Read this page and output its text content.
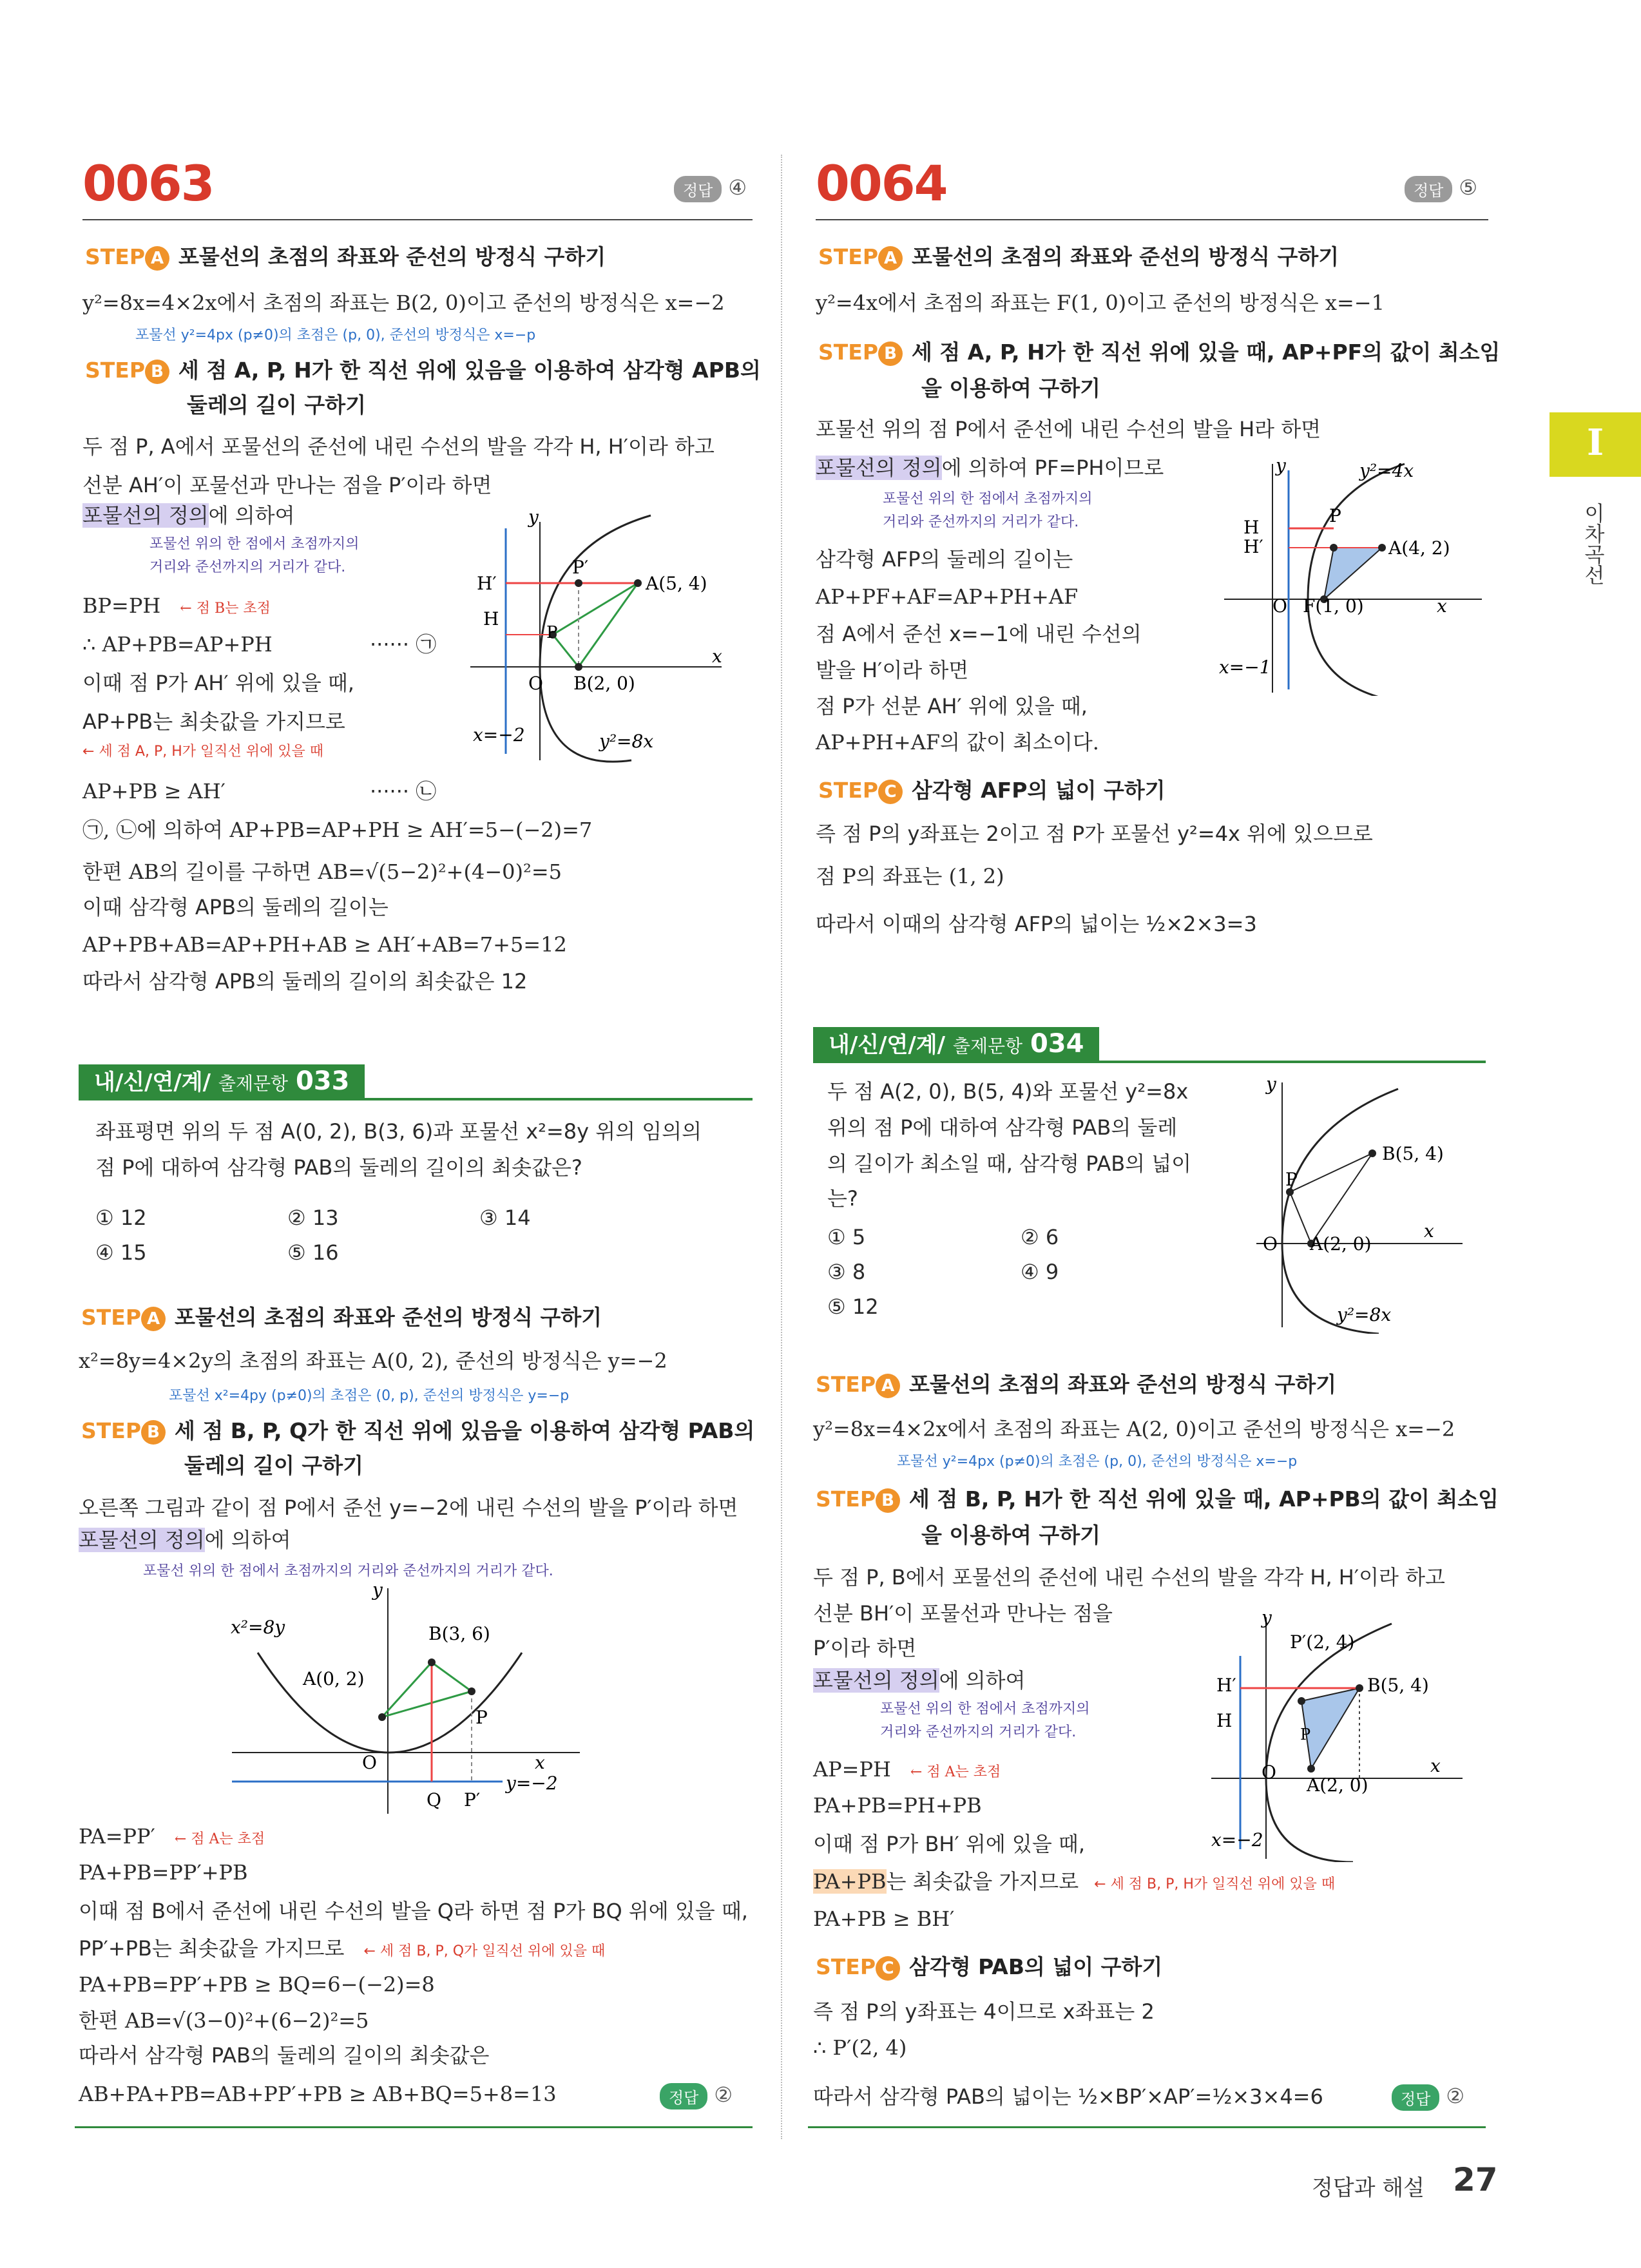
I
이차곡선
0063	정답 ④
STEP A 포물선의 초점의 좌표와 준선의 방정식 구하기
y²=8x=4×2x에서 초점의 좌표는 B(2, 0)이고 준선의 방정식은 x=−2
포물선 y²=4px (p≠0)의 초점은 (p, 0), 준선의 방정식은 x=−p
STEP B 세 점 A, P, H가 한 직선 위에 있음을 이용하여 삼각형 APB의
둘레의 길이 구하기
두 점 P, A에서 포물선의 준선에 내린 수선의 발을 각각 H, H′이라 하고
선분 AH′이 포물선과 만나는 점을 P′이라 하면
포물선의 정의에 의하여
포물선 위의 한 점에서 초점까지의
거리와 준선까지의 거리가 같다.
BP=PH ← 점 B는 초점
∴ AP+PB=AP+PH	······ ㉠
이때 점 P가 AH′ 위에 있을 때,
AP+PB는 최솟값을 가지므로
← 세 점 A, P, H가 일직선 위에 있을 때
AP+PB ≥ AH′	······ ㉡
㉠, ㉡에 의하여 AP+PB=AP+PH ≥ AH′=5−(−2)=7
한편 AB의 길이를 구하면 AB=√(5−2)²+(4−0)²=5
이때 삼각형 APB의 둘레의 길이는
AP+PB+AB=AP+PH+AB ≥ AH′+AB=7+5=12
따라서 삼각형 APB의 둘레의 길이의 최솟값은 12
y
x
O
H′
H
P′
P
A(5, 4)
B(2, 0)
x=−2	y²=8x
내/신/연/계/ 출제문항 033
좌표평면 위의 두 점 A(0, 2), B(3, 6)과 포물선 x²=8y 위의 임의의
점 P에 대하여 삼각형 PAB의 둘레의 길이의 최솟값은?
① 12	② 13	③ 14
④ 15	⑤ 16
STEP A 포물선의 초점의 좌표와 준선의 방정식 구하기
x²=8y=4×2y의 초점의 좌표는 A(0, 2), 준선의 방정식은 y=−2
포물선 x²=4py (p≠0)의 초점은 (0, p), 준선의 방정식은 y=−p
STEP B 세 점 B, P, Q가 한 직선 위에 있음을 이용하여 삼각형 PAB의
둘레의 길이 구하기
오른쪽 그림과 같이 점 P에서 준선 y=−2에 내린 수선의 발을 P′이라 하면
포물선의 정의에 의하여
포물선 위의 한 점에서 초점까지의 거리와 준선까지의 거리가 같다.
y
x
O
x²=8y
A(0, 2)
B(3, 6)
P
Q P′
y=−2
PA=PP′ ← 점 A는 초점
PA+PB=PP′+PB
이때 점 B에서 준선에 내린 수선의 발을 Q라 하면 점 P가 BQ 위에 있을 때,
PP′+PB는 최솟값을 가지므로 ← 세 점 B, P, Q가 일직선 위에 있을 때
PA+PB=PP′+PB ≥ BQ=6−(−2)=8
한편 AB=√(3−0)²+(6−2)²=5
따라서 삼각형 PAB의 둘레의 길이의 최솟값은
AB+PA+PB=AB+PP′+PB ≥ AB+BQ=5+8=13	정답 ②
0064	정답 ⑤
STEP A 포물선의 초점의 좌표와 준선의 방정식 구하기
y²=4x에서 초점의 좌표는 F(1, 0)이고 준선의 방정식은 x=−1
STEP B 세 점 A, P, H가 한 직선 위에 있을 때, AP+PF의 값이 최소임
을 이용하여 구하기
포물선 위의 점 P에서 준선에 내린 수선의 발을 H라 하면
포물선의 정의에 의하여 PF=PH이므로
포물선 위의 한 점에서 초점까지의
거리와 준선까지의 거리가 같다.
삼각형 AFP의 둘레의 길이는
AP+PF+AF=AP+PH+AF
점 A에서 준선 x=−1에 내린 수선의
발을 H′이라 하면
점 P가 선분 AH′ 위에 있을 때,
AP+PH+AF의 값이 최소이다.
STEP C 삼각형 AFP의 넓이 구하기
즉 점 P의 y좌표는 2이고 점 P가 포물선 y²=4x 위에 있으므로
점 P의 좌표는 (1, 2)
따라서 이때의 삼각형 AFP의 넓이는 ½×2×3=3
y
x
O
H
H′
P
y²=4x
A(4, 2)
F(1, 0)
x=−1
내/신/연/계/ 출제문항 034
두 점 A(2, 0), B(5, 4)와 포물선 y²=8x
위의 점 P에 대하여 삼각형 PAB의 둘레
의 길이가 최소일 때, 삼각형 PAB의 넓이
는?
① 5	② 6
③ 8	④ 9
⑤ 12
y
x
O
B(5, 4)
A(2, 0)
P
y²=8x
STEP A 포물선의 초점의 좌표와 준선의 방정식 구하기
y²=8x=4×2x에서 초점의 좌표는 A(2, 0)이고 준선의 방정식은 x=−2
포물선 y²=4px (p≠0)의 초점은 (p, 0), 준선의 방정식은 x=−p
STEP B 세 점 B, P, H가 한 직선 위에 있을 때, AP+PB의 값이 최소임
을 이용하여 구하기
두 점 P, B에서 포물선의 준선에 내린 수선의 발을 각각 H, H′이라 하고
선분 BH′이 포물선과 만나는 점을
P′이라 하면
포물선의 정의에 의하여
포물선 위의 한 점에서 초점까지의
거리와 준선까지의 거리가 같다.
AP=PH ← 점 A는 초점
PA+PB=PH+PB
이때 점 P가 BH′ 위에 있을 때,
PA+PB는 최솟값을 가지므로 ← 세 점 B, P, H가 일직선 위에 있을 때
PA+PB ≥ BH′
STEP C 삼각형 PAB의 넓이 구하기
즉 점 P의 y좌표는 4이므로 x좌표는 2
∴ P′(2, 4)
따라서 삼각형 PAB의 넓이는 ½×BP′×AP′=½×3×4=6	정답 ②
y
x
O
P′(2, 4)
H′
H
B(5, 4)
P
A(2, 0)
x=−2
정답과 해설 27
